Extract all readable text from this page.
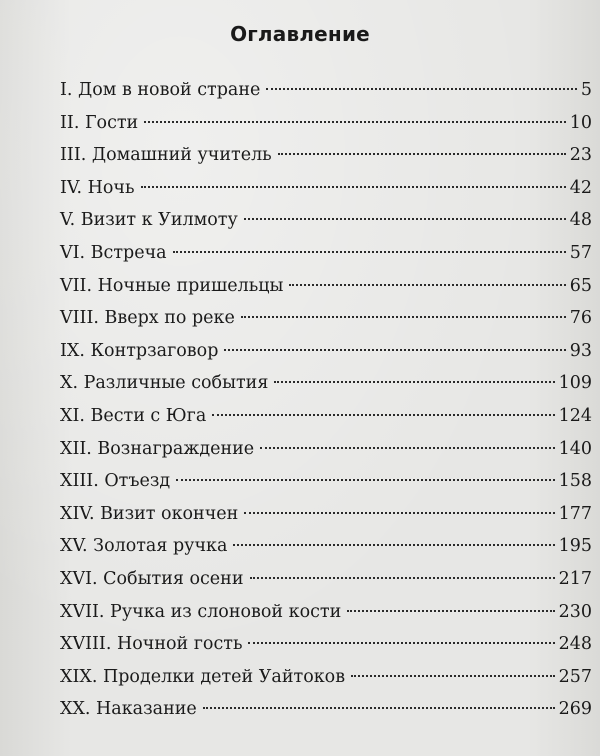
Оглавление
I. Дом в новой стране	5
II. Гости	10
III. Домашний учитель	23
IV. Ночь	42
V. Визит к Уилмоту	48
VI. Встреча	57
VII. Ночные пришельцы	65
VIII. Вверх по реке	76
IX. Контрзаговор	93
X. Различные события	109
XI. Вести с Юга	124
XII. Вознаграждение	140
XIII. Отъезд	158
XIV. Визит окончен	177
XV. Золотая ручка	195
XVI. События осени	217
XVII. Ручка из слоновой кости	230
XVIII. Ночной гость	248
XIX. Проделки детей Уайтоков	257
XX. Наказание	269
